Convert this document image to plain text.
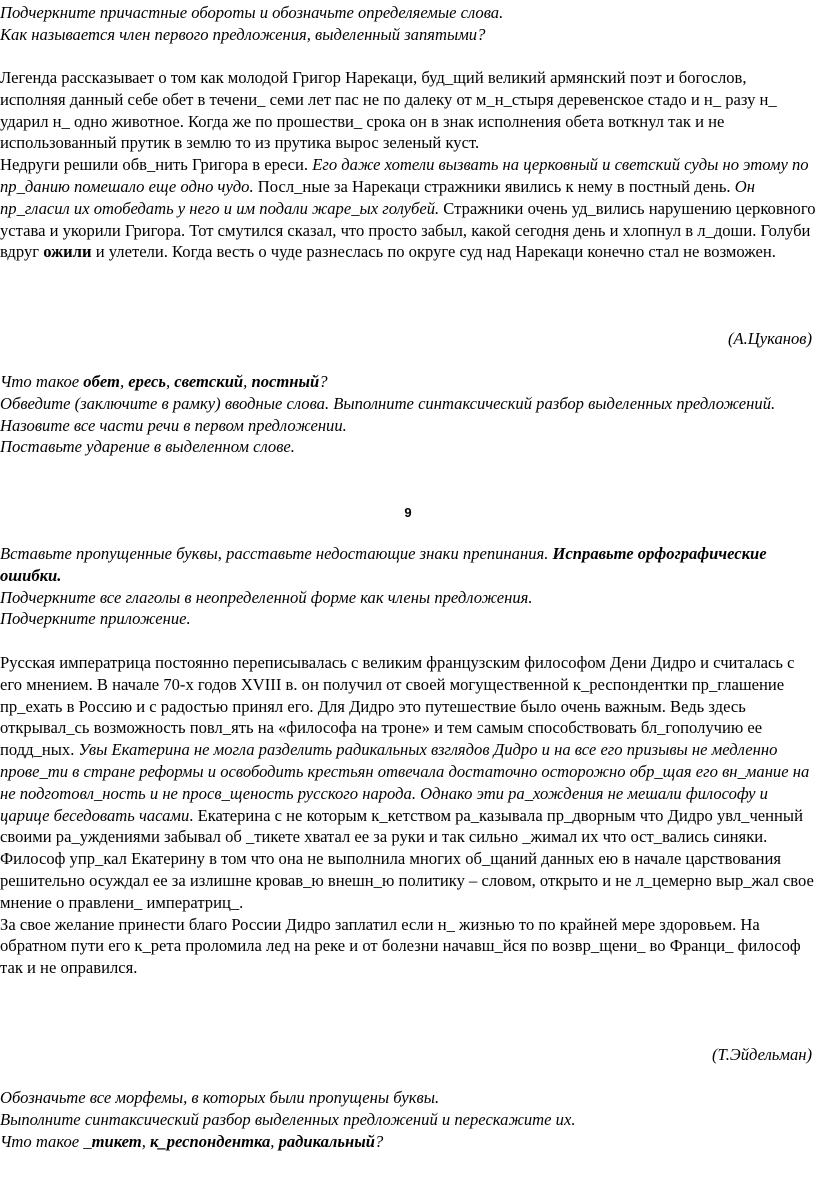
Подчеркните причастные обороты и обозначьте определяемые слова.

Как называется член первого предложения, выделенный запятыми?

Легенда рассказывает о том как молодой Григор Нарекаци, буд_щий великий армянский поэт и богослов, исполняя данный себе обет в течени_ семи лет пас не по далеку от м_н_стыря деревенское стадо и н_ разу н_ ударил н_ одно животное. Когда же по прошестви_ срока он в знак исполнения обета воткнул так и не использованный прутик в землю то из прутика вырос зеленый куст.

Недруги решили обв_нить Григора в ереси. Его даже хотели вызвать на церковный и светский суды но этому по пр_данию помешало еще одно чудо. Посл_ные за Нарекаци стражники явились к нему в постный день. Он пр_гласил их отобедать у него и им подали жаре_ых голубей. Стражники очень уд_вились нарушению церковного устава и укорили Григора. Тот смутился сказал, что просто забыл, какой сегодня день и хлопнул в л_доши. Голуби вдруг ожили и улетели. Когда весть о чуде разнеслась по округе суд над Нарекаци конечно стал не возможен.

(А.Цуканов)

Что такое обет, ересь, светский, постный?

Обведите (заключите в рамку) вводные слова. Выполните синтаксический разбор выделенных предложений.

Назовите все части речи в первом предложении.

Поставьте ударение в выделенном слове.

9

Вставьте пропущенные буквы, расставьте недостающие знаки препинания. Исправьте орфографические ошибки.

Подчеркните все глаголы в неопределенной форме как члены предложения.

Подчеркните приложение.

Русская императрица постоянно переписывалась с великим французским философом Дени Дидро и считалась с его мнением. В начале 70-х годов XVIII в. он получил от своей могущественной к_респондентки пр_глашение пр_ехать в Россию и с радостью принял его. Для Дидро это путешествие было очень важным. Ведь здесь открывал_сь возможность повл_ять на «философа на троне» и тем самым способствовать бл_гополучию ее подд_ных. Увы Екатерина не могла разделить радикальных взглядов Дидро и на все его призывы не медленно прове_ти в стране реформы и освободить крестьян отвечала достаточно осторожно обр_щая его вн_мание на не подготовл_ность и не просв_щеность русского народа. Однако эти ра_хождения не мешали философу и царице беседовать часами. Екатерина с не которым к_кетством ра_казывала пр_дворным что Дидро увл_ченный своими ра_уждениями забывал об _тикете хватал ее за руки и так сильно _жимал их что ост_вались синяки. Философ упр_кал Екатерину в том что она не выполнила многих об_щаний данных ею в начале царствования решительно осуждал ее за излишне кровав_ю внешн_ю политику – словом, открыто и не л_цемерно выр_жал свое мнение о правлени_ императриц_.

За свое желание принести благо России Дидро заплатил если н_ жизнью то по крайней мере здоровьем. На обратном пути его к_рета проломила лед на реке и от болезни начавш_йся по возвр_щени_ во Франци_ философ так и не оправился.

(Т.Эйдельман)

Обозначьте все морфемы, в которых были пропущены буквы.

Выполните синтаксический разбор выделенных предложений и перескажите их.

Что такое _тикет, к_респондентка, радикальный?
